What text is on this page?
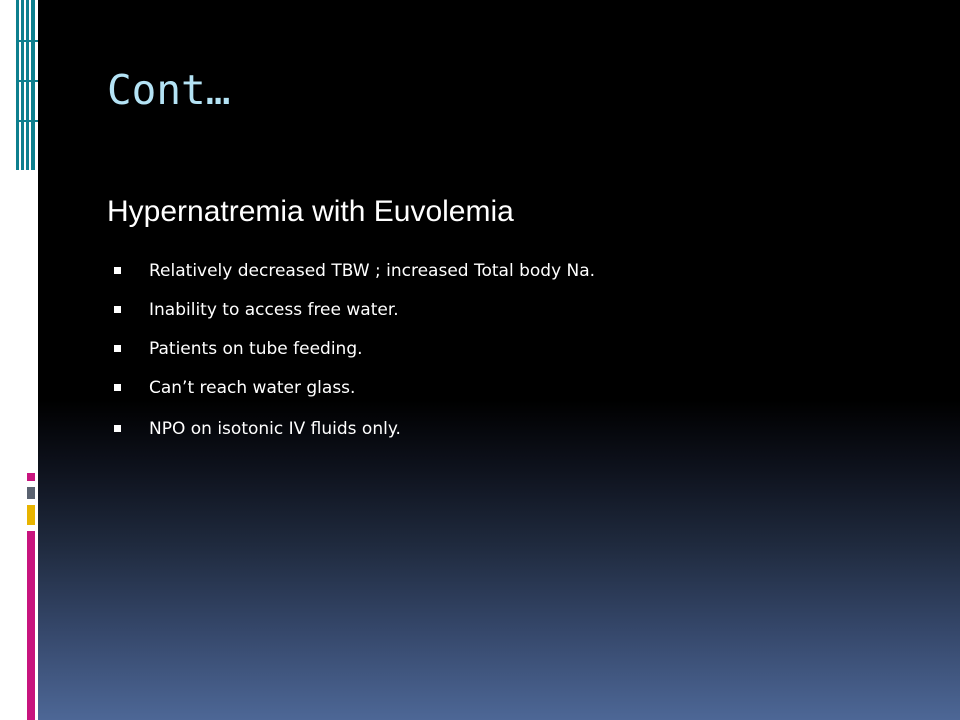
Cont…
Hypernatremia with Euvolemia
Relatively decreased TBW ; increased Total body Na.
Inability to access free water.
Patients on tube feeding.
Can’t reach water glass.
NPO on isotonic IV fluids only.
